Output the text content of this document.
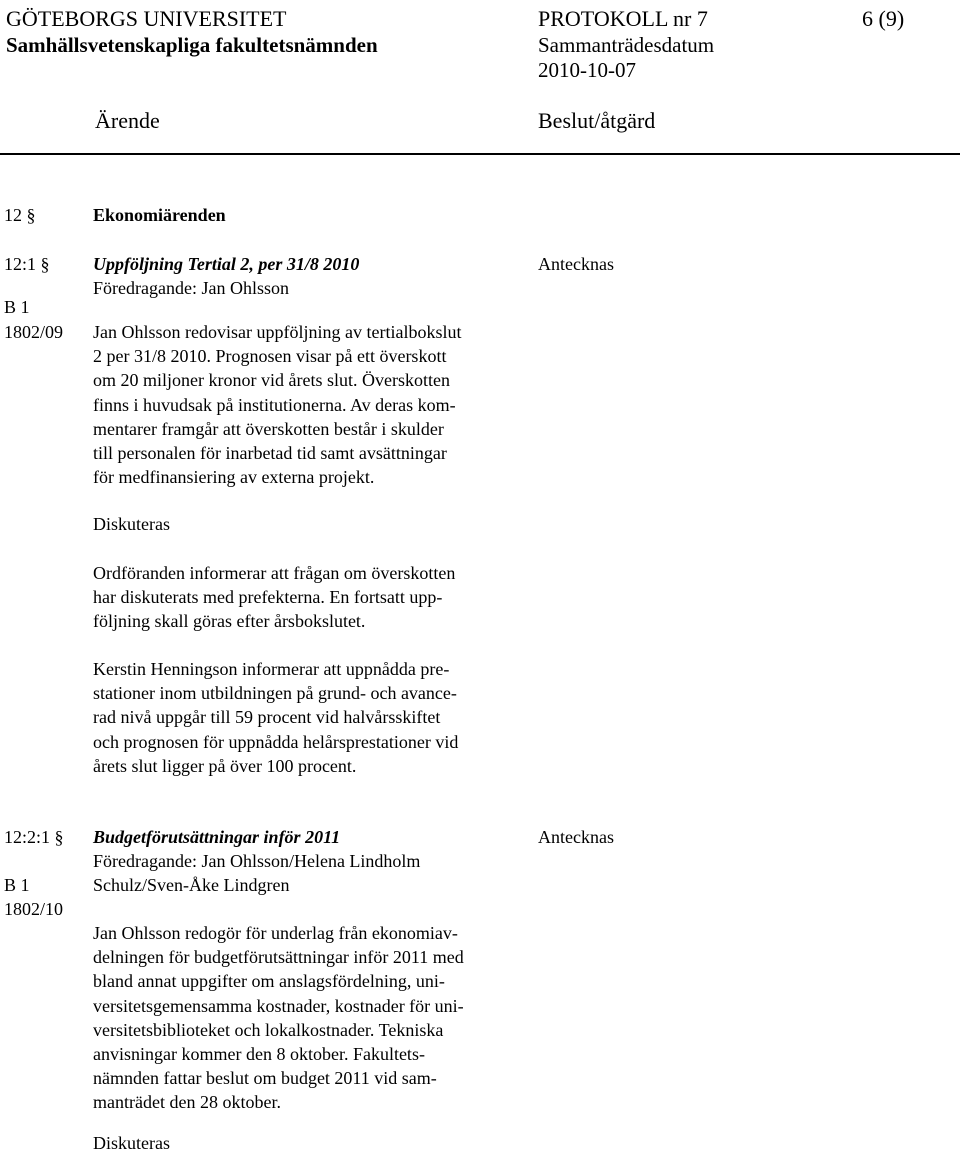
GÖTEBORGS UNIVERSITET
Samhällsvetenskapliga fakultetsnämnden
PROTOKOLL nr 7
Sammanträdesdatum
2010-10-07
6 (9)
Ärende	Beslut/åtgärd
12 §	Ekonomiärenden
12:1 §
B 1
1802/09
Uppföljning Tertial 2, per 31/8 2010
Föredragande: Jan Ohlsson
Antecknas
Jan Ohlsson redovisar uppföljning av tertialbokslut
2 per 31/8 2010. Prognosen visar på ett överskott
om 20 miljoner kronor vid årets slut. Överskotten
finns i huvudsak på institutionerna. Av deras kom-
mentarer framgår att överskotten består i skulder
till personalen för inarbetad tid samt avsättningar
för medfinansiering av externa projekt.
Diskuteras
Ordföranden informerar att frågan om överskotten
har diskuterats med prefekterna. En fortsatt upp-
följning skall göras efter årsbokslutet.
Kerstin Henningson informerar att uppnådda pre-
stationer inom utbildningen på grund- och avance-
rad nivå uppgår till 59 procent vid halvårsskiftet
och prognosen för uppnådda helårsprestationer vid
årets slut ligger på över 100 procent.
12:2:1 §
B 1
1802/10
Budgetförutsättningar inför 2011
Föredragande: Jan Ohlsson/Helena Lindholm
Schulz/Sven-Åke Lindgren
Antecknas
Jan Ohlsson redogör för underlag från ekonomiav-
delningen för budgetförutsättningar inför 2011 med
bland annat uppgifter om anslagsfördelning, uni-
versitetsgemensamma kostnader, kostnader för uni-
versitetsbiblioteket och lokalkostnader. Tekniska
anvisningar kommer den 8 oktober. Fakultets-
nämnden fattar beslut om budget 2011 vid sam-
manträdet den 28 oktober.
Diskuteras
